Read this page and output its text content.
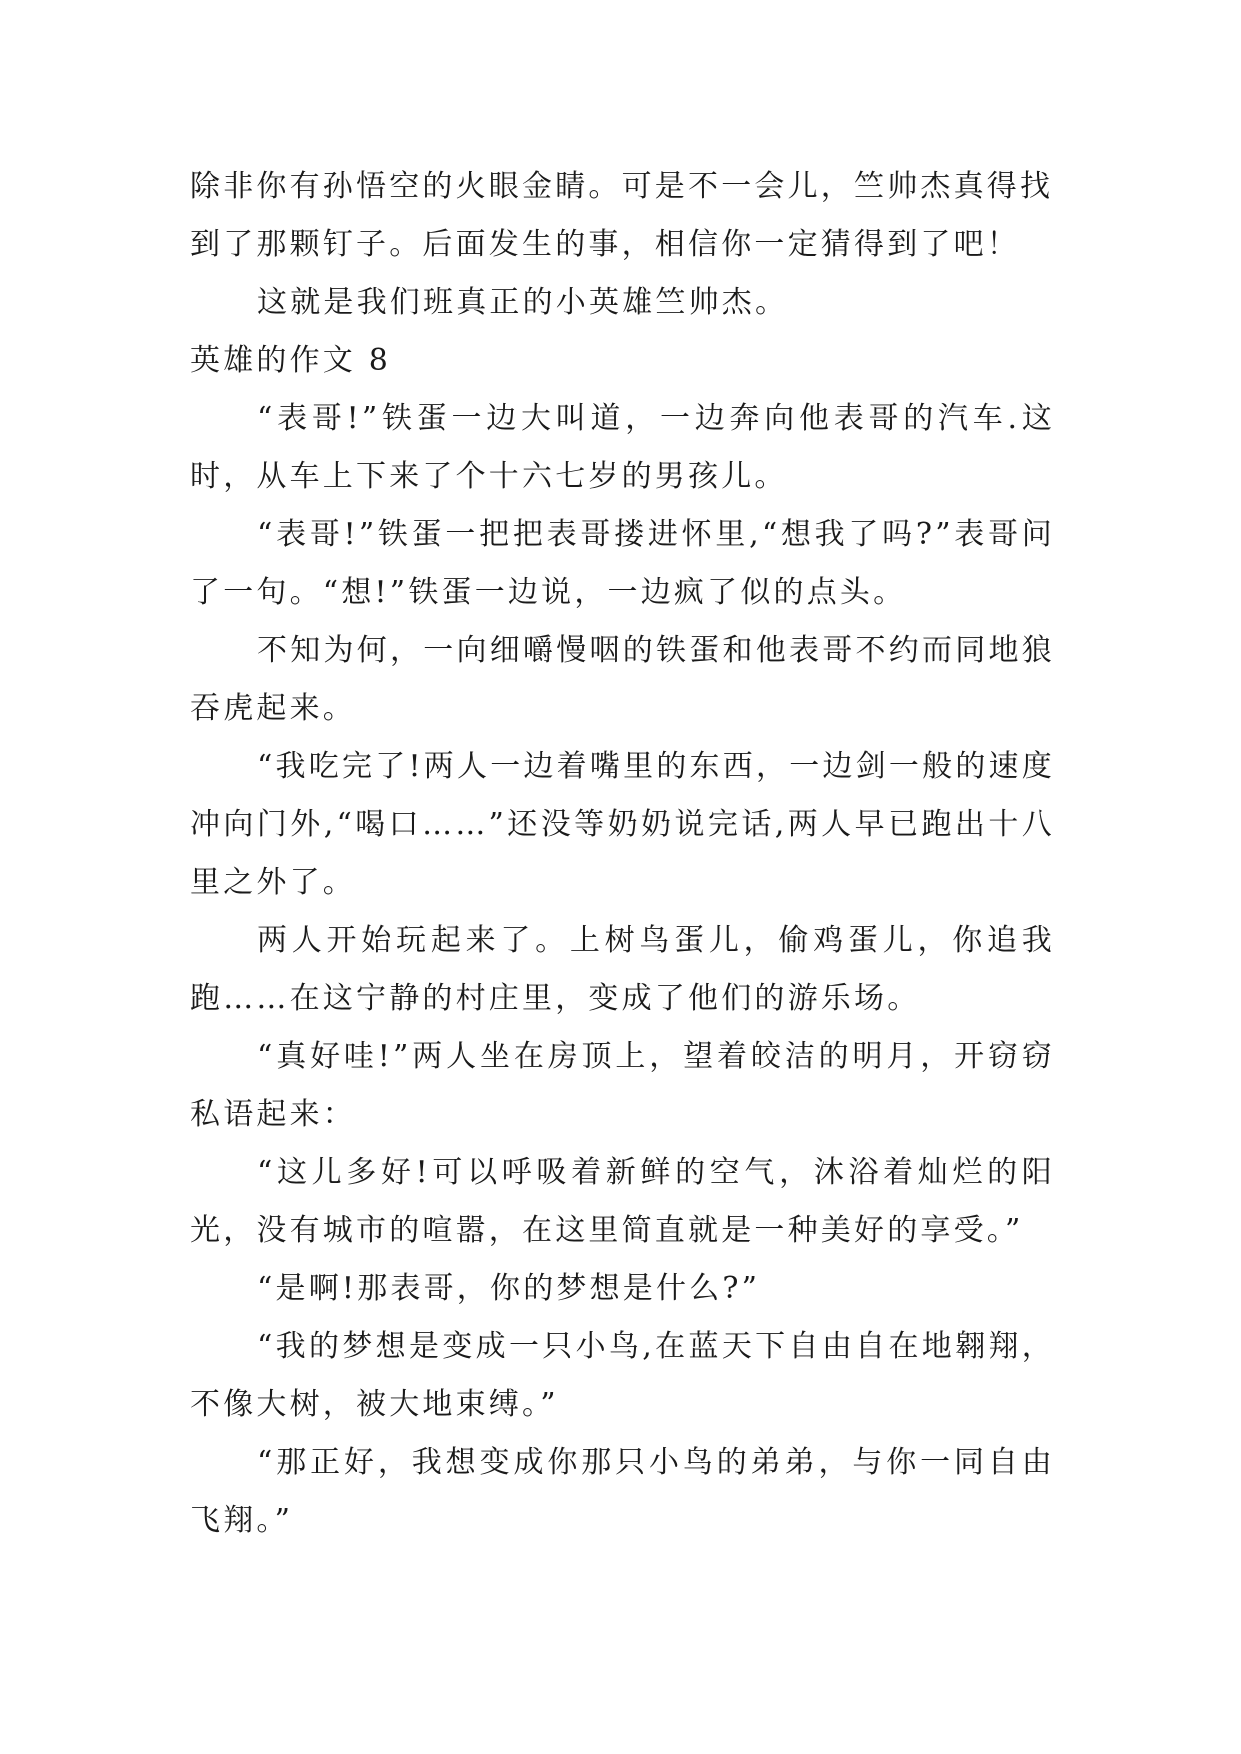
除非你有孙悟空的火眼金睛。可是不一会儿，竺帅杰真得找到了那颗钉子。后面发生的事，相信你一定猜得到了吧！

这就是我们班真正的小英雄竺帅杰。

英雄的作文 8

“表哥!”铁蛋一边大叫道，一边奔向他表哥的汽车.这时，从车上下来了个十六七岁的男孩儿。

“表哥!”铁蛋一把把表哥搂进怀里,“想我了吗?”表哥问了一句。“想!”铁蛋一边说，一边疯了似的点头。

不知为何，一向细嚼慢咽的铁蛋和他表哥不约而同地狼吞虎起来。

“我吃完了!两人一边着嘴里的东西，一边剑一般的速度冲向门外,“喝口……”还没等奶奶说完话,两人早已跑出十八里之外了。

两人开始玩起来了。上树鸟蛋儿，偷鸡蛋儿，你追我跑……在这宁静的村庄里，变成了他们的游乐场。

“真好哇!”两人坐在房顶上，望着皎洁的明月，开窃窃私语起来：

“这儿多好!可以呼吸着新鲜的空气，沐浴着灿烂的阳光，没有城市的喧嚣，在这里简直就是一种美好的享受。”

“是啊!那表哥，你的梦想是什么?”

“我的梦想是变成一只小鸟,在蓝天下自由自在地翱翔，不像大树，被大地束缚。”

“那正好，我想变成你那只小鸟的弟弟，与你一同自由飞翔。”
